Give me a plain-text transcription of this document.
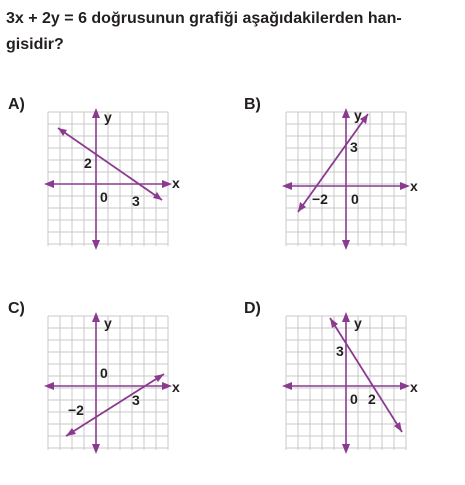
3x + 2y = 6 doğrusunun grafiği aşağıdakilerden han-
gisidir?

A)
y
x
2
0 3
B)
y
x
3
−2 0
C)
y
x
0
3
−2
D)
y
x
3
0 2
